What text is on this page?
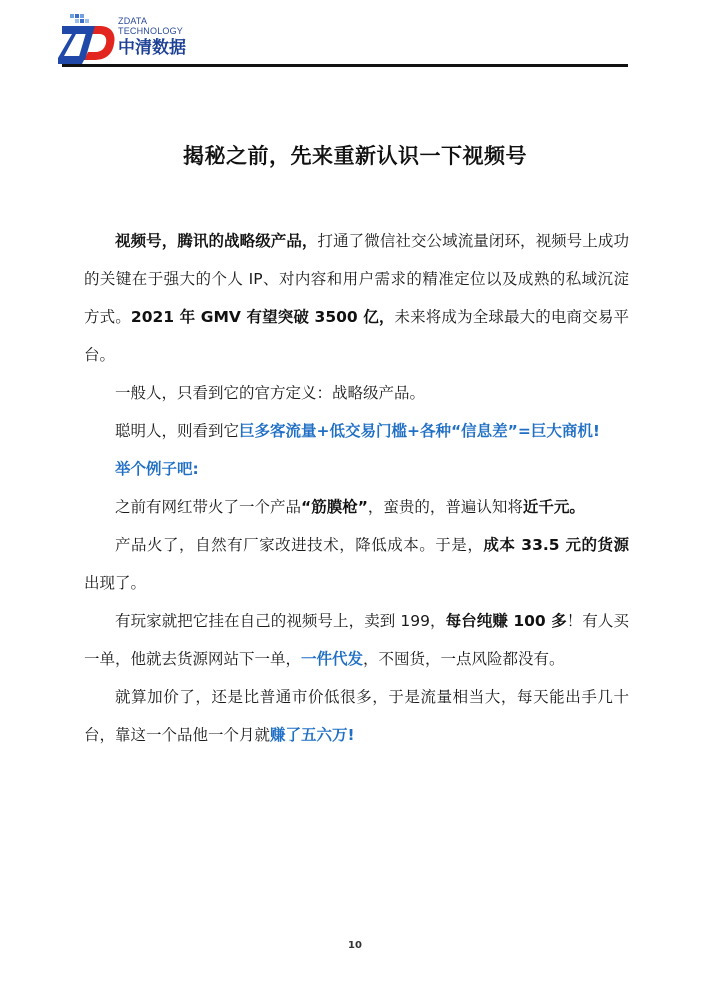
ZDATA
TECHNOLOGY
中清数据
揭秘之前，先来重新认识一下视频号

视频号，腾讯的战略级产品，打通了微信社交公域流量闭环，视频号上成功的关键在于强大的个人 IP、对内容和用户需求的精准定位以及成熟的私域沉淀方式。2021 年 GMV 有望突破 3500 亿，未来将成为全球最大的电商交易平台。

一般人，只看到它的官方定义：战略级产品。

聪明人，则看到它巨多客流量+低交易门槛+各种“信息差”=巨大商机!

举个例子吧:

之前有网红带火了一个产品“筋膜枪”，蛮贵的，普遍认知将近千元。

产品火了，自然有厂家改进技术，降低成本。于是，成本 33.5 元的货源出现了。

有玩家就把它挂在自己的视频号上，卖到 199，每台纯赚 100 多！有人买一单，他就去货源网站下一单，一件代发，不囤货，一点风险都没有。

就算加价了，还是比普通市价低很多，于是流量相当大，每天能出手几十台，靠这一个品他一个月就赚了五六万!

10
